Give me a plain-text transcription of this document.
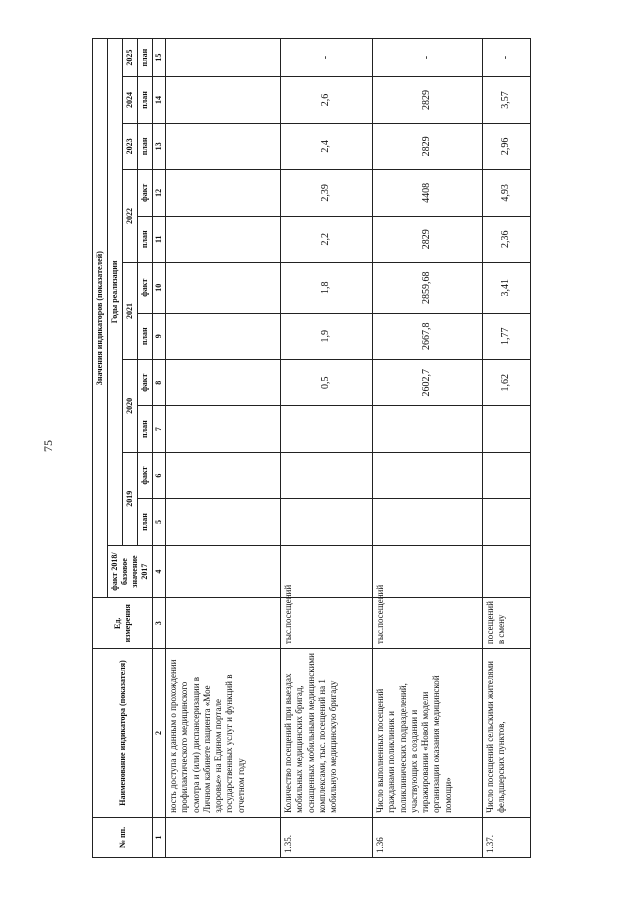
75
№ пп.	Наименование индикатора (показателя)	Ед. измерения	Значения индикаторов (показателей)											
			факт 2018/базовое значение 2017	Годы реализации										
				2019		2020		2021		2022		2023	2024	2025
				план	факт	план	факт	план	факт	план	факт	план	план	план
1	2	3	4	5	6	7	8	9	10	11	12	13	14	15
	ность доступа к данным о прохождении профилактического медицинского осмотра и (или) диспансеризации в Личном кабинете пациента «Мое здоровье» на Едином портале государственных услуг и функций в отчетном году													
1.35.	Количество посещений при выездах мобильных медицинских бригад, оснащенных мобильными медицинскими комплексами, тыс. посещений на 1 мобильную медицинскую бригаду	тыс.посещений					0,5	1,9	1,8	2,2	2,39	2,4	2,6	-
1.36	Число выполненных посещений гражданами поликлиник и поликлинических подразделений, участвующих в создании и тиражировании «Новой модели организации оказания медицинской помощи»	тыс.посещений					2602,7	2667,8	2859,68	2829	4408	2829	2829	-
1.37.	Число посещений сельскими жителями фельдшерских пунктов,	посещений в смену					1,62	1,77	3,41	2,36	4,93	2,96	3,57	-
